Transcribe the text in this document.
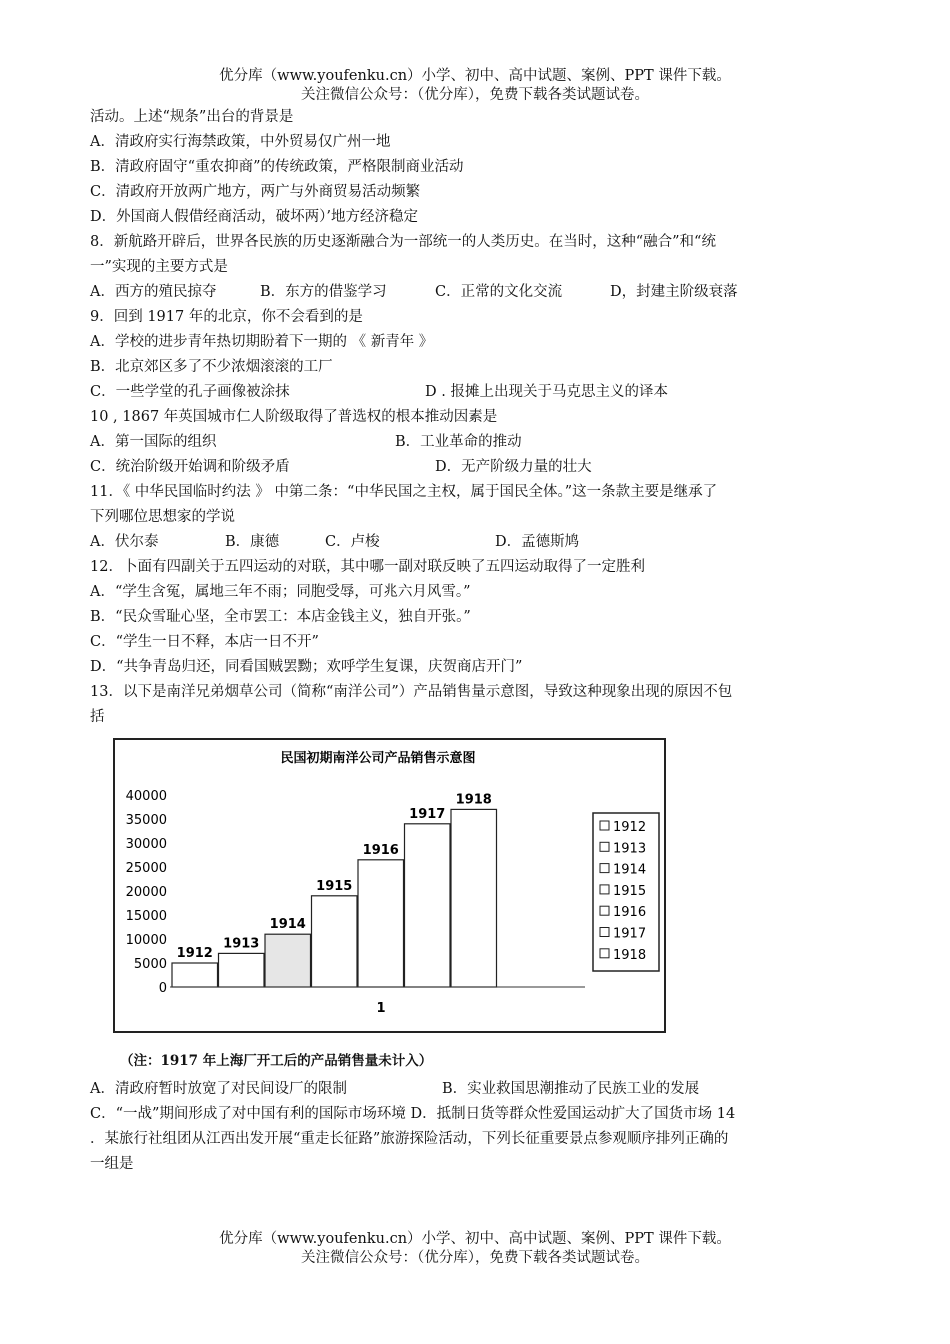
优分库（www.youfenku.cn）小学、初中、高中试题、案例、PPT 课件下载。
关注微信公众号：（优分库），免费下载各类试题试卷。
活动。上述“规条”出台的背景是
A．清政府实行海禁政策，中外贸易仅广州一地
B．清政府固守“重农抑商”的传统政策，严格限制商业活动
C．清政府开放两广地方，两广与外商贸易活动频繁
D．外国商人假借经商活动，破坏两）’地方经济稳定
8．新航路开辟后，世界各民族的历史逐渐融合为一部统一的人类历史。在当时，这种“融合”和“统
一”实现的主要方式是
A．西方的殖民掠夺	B．东方的借鉴学习	C．正常的文化交流	D，封建主阶级衰落
9．回到 1917 年的北京，你不会看到的是
A．学校的进步青年热切期盼着下一期的 《 新青年 》
B．北京郊区多了不少浓烟滚滚的工厂
C．一些学堂的孔子画像被涂抹	D . 报摊上出现关于马克思主义的译本
10 , 1867 年英国城市仁人阶级取得了普选权的根本推动因素是
A．第一国际的组织	B．工业革命的推动
C．统治阶级开始调和阶级矛盾	D．无产阶级力量的壮大
11．《 中华民国临时约法 》 中第二条：“中华民国之主权，属于国民全体。”这一条款主要是继承了
下列哪位思想家的学说
A．伏尔泰	B．康德	C．卢梭	D．孟德斯鸠
12．卜面有四副关于五四运动的对联，其中哪一副对联反映了五四运动取得了一定胜利
A．“学生含冤，属地三年不雨；同胞受辱，可兆六月风雪。”
B．“民众雪耻心坚，全市罢工：本店金钱主义，独自开张。”
C．“学生一日不释，本店一日不开”
D．“共争青岛归还，同看国贼罢黝；欢呼学生复课，庆贺商店开门”
13．以下是南洋兄弟烟草公司（简称“南洋公司”）产品销售量示意图，导致这种现象出现的原因不包
括
民国初期南洋公司产品销售示意图
40000
35000
30000
25000
20000
15000
10000
5000
0
1912
1913
1914
1915
1916
1917
1918
1
1912
1913
1914
1915
1916
1917
1918
（注：1917 年上海厂开工后的产品销售量未计入）
A．清政府暂时放宽了对民间设厂的限制	B．实业救国思潮推动了民族工业的发展
C．“一战”期间形成了对中国有利的国际市场环境 D．抵制日货等群众性爱国运动扩大了国货市场 14
．某旅行社组团从江西出发开展“重走长征路”旅游探险活动，下列长征重要景点参观顺序排列正确的
一组是
优分库（www.youfenku.cn）小学、初中、高中试题、案例、PPT 课件下载。
关注微信公众号：（优分库），免费下载各类试题试卷。
